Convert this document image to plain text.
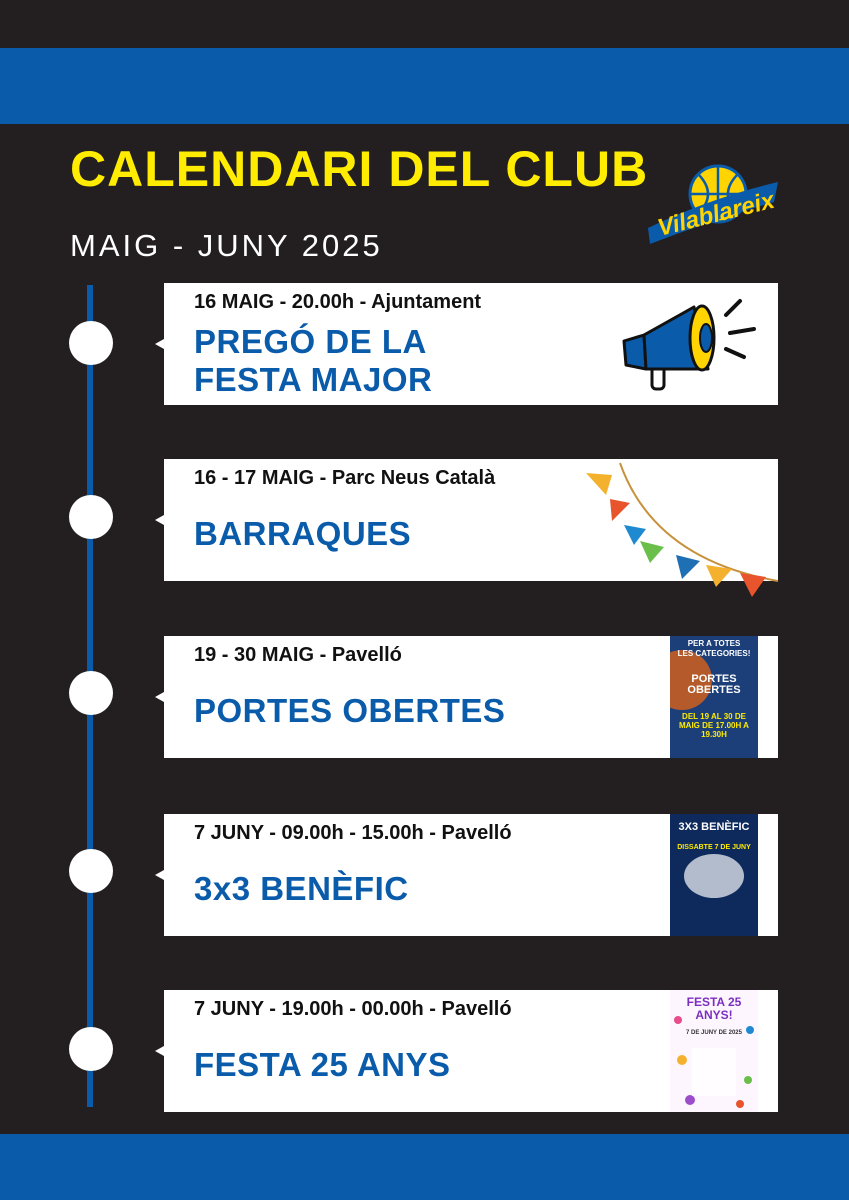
CALENDARI DEL CLUB

MAIG - JUNY 2025

Vilablareix

16 MAIG - 20.00h - Ajuntament

PREGÓ DE LA
FESTA MAJOR

16 - 17 MAIG - Parc Neus Català

BARRAQUES

19 - 30 MAIG - Pavelló

PORTES OBERTES

PER A TOTES
LES CATEGORIES!
PORTES OBERTES
DEL 19 AL 30 DE MAIG DE 17.00H A 19.30H

7 JUNY - 09.00h - 15.00h - Pavelló

3x3 BENÈFIC

3X3 BENÈFIC
DISSABTE 7 DE JUNY

7 JUNY - 19.00h - 00.00h - Pavelló

FESTA 25 ANYS

FESTA 25 ANYS!
7 DE JUNY DE 2025
